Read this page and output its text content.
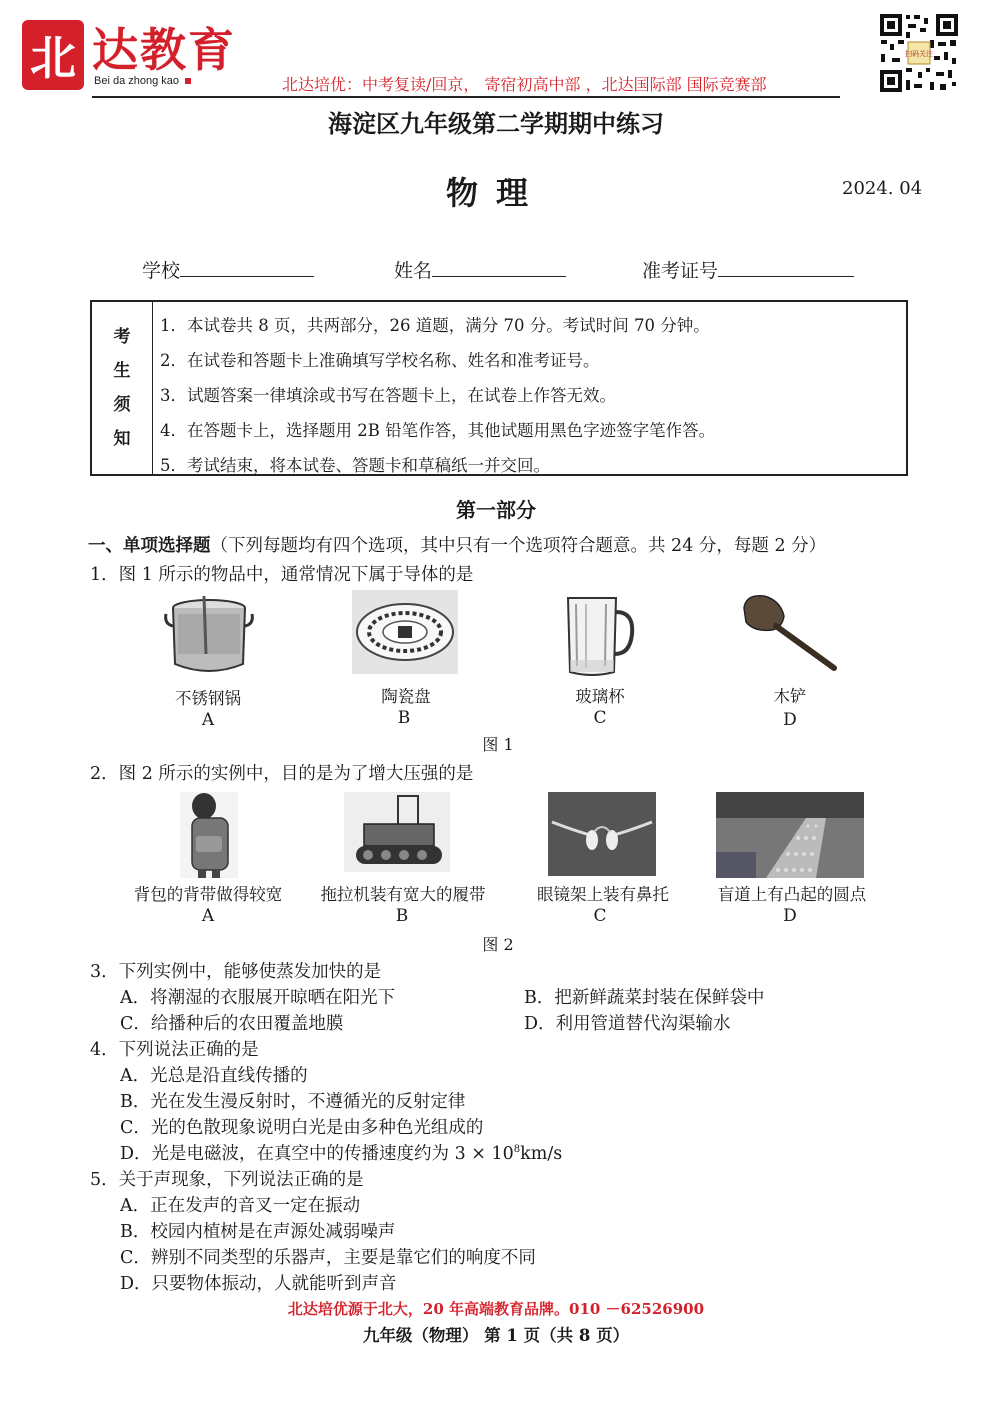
北 达教育
Bei da zhong kao	北达培优：中考复读/回京， 寄宿初高中部 ，北达国际部 国际竞赛部
扫码关注
海淀区九年级第二学期期中练习
物理	2024. 04
学校	姓名	准考证号
考
生
须
知
1．本试卷共 8 页，共两部分，26 道题，满分 70 分。考试时间 70 分钟。
2．在试卷和答题卡上准确填写学校名称、姓名和准考证号。
3．试题答案一律填涂或书写在答题卡上，在试卷上作答无效。
4．在答题卡上，选择题用 2B 铅笔作答，其他试题用黑色字迹签字笔作答。
5．考试结束，将本试卷、答题卡和草稿纸一并交回。
第一部分
一、单项选择题（下列每题均有四个选项，其中只有一个选项符合题意。共 24 分，每题 2 分）
1．图 1 所示的物品中，通常情况下属于导体的是
不锈钢锅	陶瓷盘	玻璃杯	木铲
A	B	C	D
图 1
2．图 2 所示的实例中，目的是为了增大压强的是
背包的背带做得较宽	拖拉机装有宽大的履带	眼镜架上装有鼻托	盲道上有凸起的圆点
A	B	C	D
图 2
3．下列实例中，能够使蒸发加快的是
A．将潮湿的衣服展开晾晒在阳光下	B．把新鲜蔬菜封装在保鲜袋中
C．给播种后的农田覆盖地膜	D．利用管道替代沟渠输水
4．下列说法正确的是
A．光总是沿直线传播的
B．光在发生漫反射时，不遵循光的反射定律
C．光的色散现象说明白光是由多种色光组成的
D．光是电磁波，在真空中的传播速度约为 $3 \times 10^8km/s$
5．关于声现象，下列说法正确的是
A．正在发声的音叉一定在振动
B．校园内植树是在声源处减弱噪声
C．辨别不同类型的乐器声，主要是靠它们的响度不同
D．只要物体振动，人就能听到声音
北达培优源于北大，20 年高端教育品牌。010 －62526900
九年级（物理） 第 1 页（共 8 页）
